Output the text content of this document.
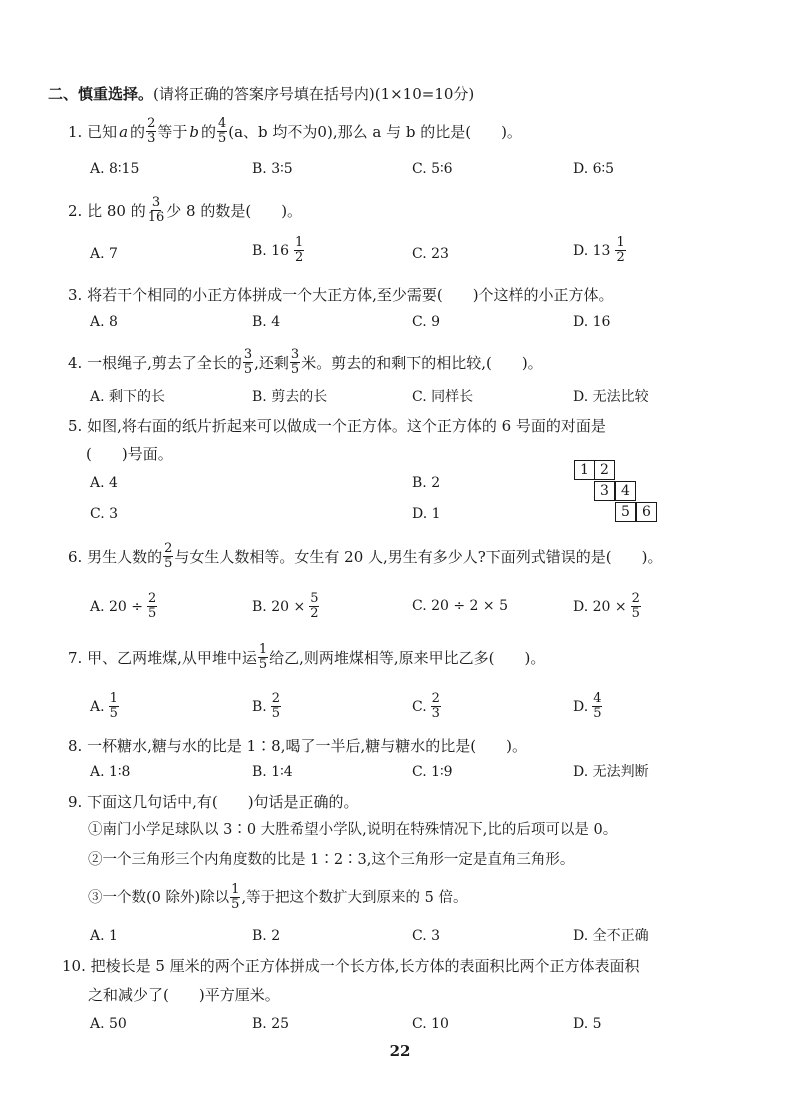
二、慎重选择。 (请将正确的答案序号填在括号内)(1×10=10分)
1. 已知 a 的 $\frac{2}{3}$ 等于 b 的 $\frac{4}{5} (a$、b 均不为0),那么 a 与 b 的比是( )。
A. 8∶15	B. 3∶5	C. 5∶6	D. 6∶5
2. 比 80 的 $\frac{3}{16}$ 少 8 的数是( )。
A. 7	B. $16 \frac{1}{2}$	C. 23	D. $13 \frac{1}{2}$
3. 将若干个相同的小正方体拼成一个大正方体,至少需要( )个这样的小正方体。
A. 8	B. 4	C. 9	D. 16
4. 一根绳子,剪去了全长的 $\frac{3}{5}$ ,还剩 $\frac{3}{5}$ 米。剪去的和剩下的相比较,( )。
A. 剩下的长	B. 剪去的长	C. 同样长	D. 无法比较
5. 如图,将右面的纸片折起来可以做成一个正方体。这个正方体的 6 号面的对面是
( )号面。
A. 4	B. 2
C. 3	D. 1
1 2
3 4
5 6
6. 男生人数的 $\frac{2}{5}$ 与女生人数相等。女生有 20 人,男生有多少人?下面列式错误的是( )。
A. $20 \div \frac{2}{5}$	B. $20 \times \frac{5}{2}$	C. 20 ÷ 2 × 5	D. $20 \times \frac{2}{5}$
7. 甲、乙两堆煤,从甲堆中运 $\frac{1}{5}$ 给乙,则两堆煤相等,原来甲比乙多( )。
A. $\frac{1}{5}$	B. $\frac{2}{5}$	C. $\frac{2}{3}$	D. $\frac{4}{5}$
8. 一杯糖水,糖与水的比是 1∶8,喝了一半后,糖与糖水的比是( )。
A. 1∶8	B. 1∶4	C. 1∶9	D. 无法判断
9. 下面这几句话中,有( )句话是正确的。
①南门小学足球队以 3∶0 大胜希望小学队,说明在特殊情况下,比的后项可以是 0。
②一个三角形三个内角度数的比是 1∶2∶3,这个三角形一定是直角三角形。
③一个数(0 除外)除以 $\frac{1}{5}$ ,等于把这个数扩大到原来的 5 倍。
A. 1	B. 2	C. 3	D. 全不正确
10. 把棱长是 5 厘米的两个正方体拼成一个长方体,长方体的表面积比两个正方体表面积
之和减少了( )平方厘米。
A. 50	B. 25	C. 10	D. 5
22
